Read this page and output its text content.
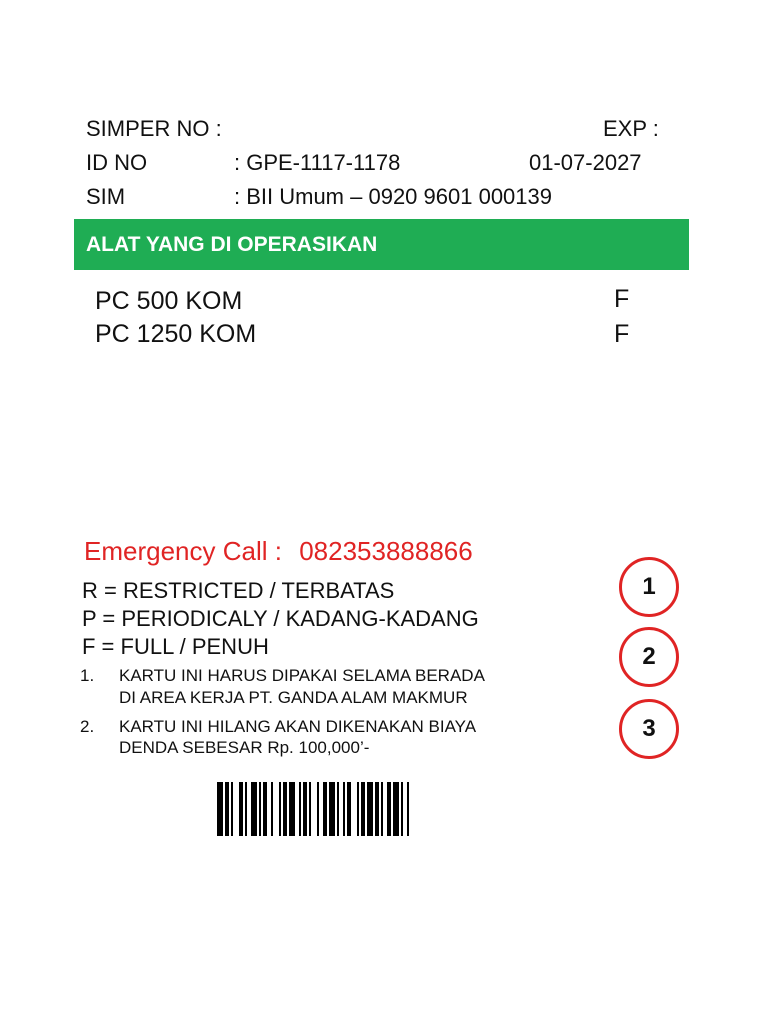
SIMPER NO :	EXP :
ID NO	: GPE-1117-1178	01-07-2027
SIM	: BII Umum – 0920 9601 000139
ALAT YANG DI OPERASIKAN
PC 500 KOM	F
PC 1250 KOM	F
Emergency Call : 082353888866
R = RESTRICTED / TERBATAS
P = PERIODICALY / KADANG-KADANG
F = FULL / PENUH
1. KARTU INI HARUS DIPAKAI SELAMA BERADA
DI AREA KERJA PT. GANDA ALAM MAKMUR
2. KARTU INI HILANG AKAN DIKENAKAN BIAYA
DENDA SEBESAR Rp. 100,000’-
1
2
3
